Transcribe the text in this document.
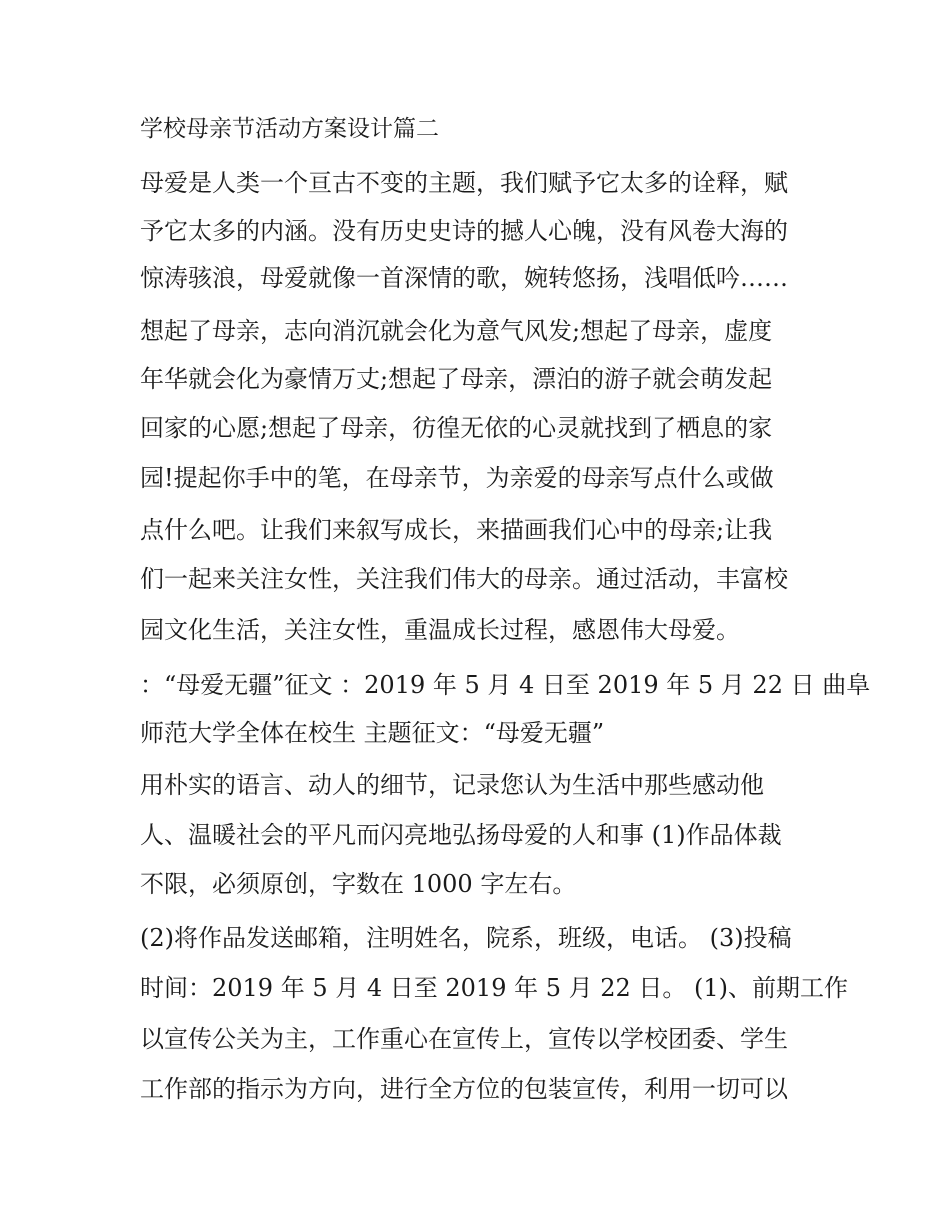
学校母亲节活动方案设计篇二

母爱是人类一个亘古不变的主题，我们赋予它太多的诠释，赋

予它太多的内涵。没有历史史诗的撼人心魄，没有风卷大海的

惊涛骇浪，母爱就像一首深情的歌，婉转悠扬，浅唱低吟……

想起了母亲，志向消沉就会化为意气风发;想起了母亲，虚度

年华就会化为豪情万丈;想起了母亲，漂泊的游子就会萌发起

回家的心愿;想起了母亲，彷徨无依的心灵就找到了栖息的家

园!提起你手中的笔，在母亲节，为亲爱的母亲写点什么或做

点什么吧。让我们来叙写成长，来描画我们心中的母亲;让我

们一起来关注女性，关注我们伟大的母亲。通过活动，丰富校

园文化生活，关注女性，重温成长过程，感恩伟大母爱。

：“母爱无疆”征文 ：2019 年 5 月 4 日至 2019 年 5 月 22 日 曲阜

师范大学全体在校生 主题征文：“母爱无疆”

用朴实的语言、动人的细节，记录您认为生活中那些感动他

人、温暖社会的平凡而闪亮地弘扬母爱的人和事 (1)作品体裁

不限，必须原创，字数在 1000 字左右。

(2)将作品发送邮箱，注明姓名，院系，班级，电话。 (3)投稿

时间：2019 年 5 月 4 日至 2019 年 5 月 22 日。 (1)、前期工作

以宣传公关为主，工作重心在宣传上，宣传以学校团委、学生

工作部的指示为方向，进行全方位的包装宣传，利用一切可以
